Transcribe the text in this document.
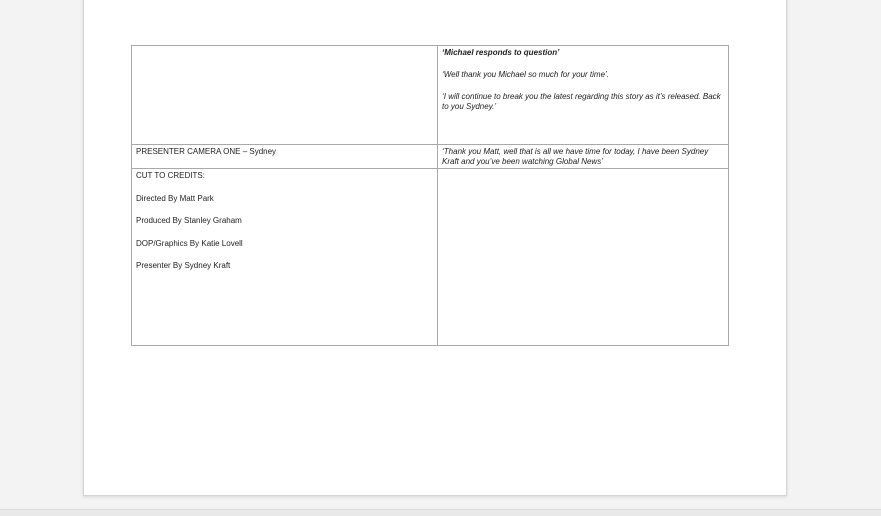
	‘Michael responds to question’

‘Well thank you Michael so much for your time’.

‘I will continue to break you the latest regarding this story as it’s released. Back to you Sydney.’

PRESENTER CAMERA ONE – Sydney	‘Thank you Matt, well that is all we have time for today, I have been Sydney Kraft and you’ve been watching Global News’

CUT TO CREDITS:

Directed By Matt Park

Produced By Stanley Graham

DOP/Graphics By Katie Lovell

Presenter By Sydney Kraft	
